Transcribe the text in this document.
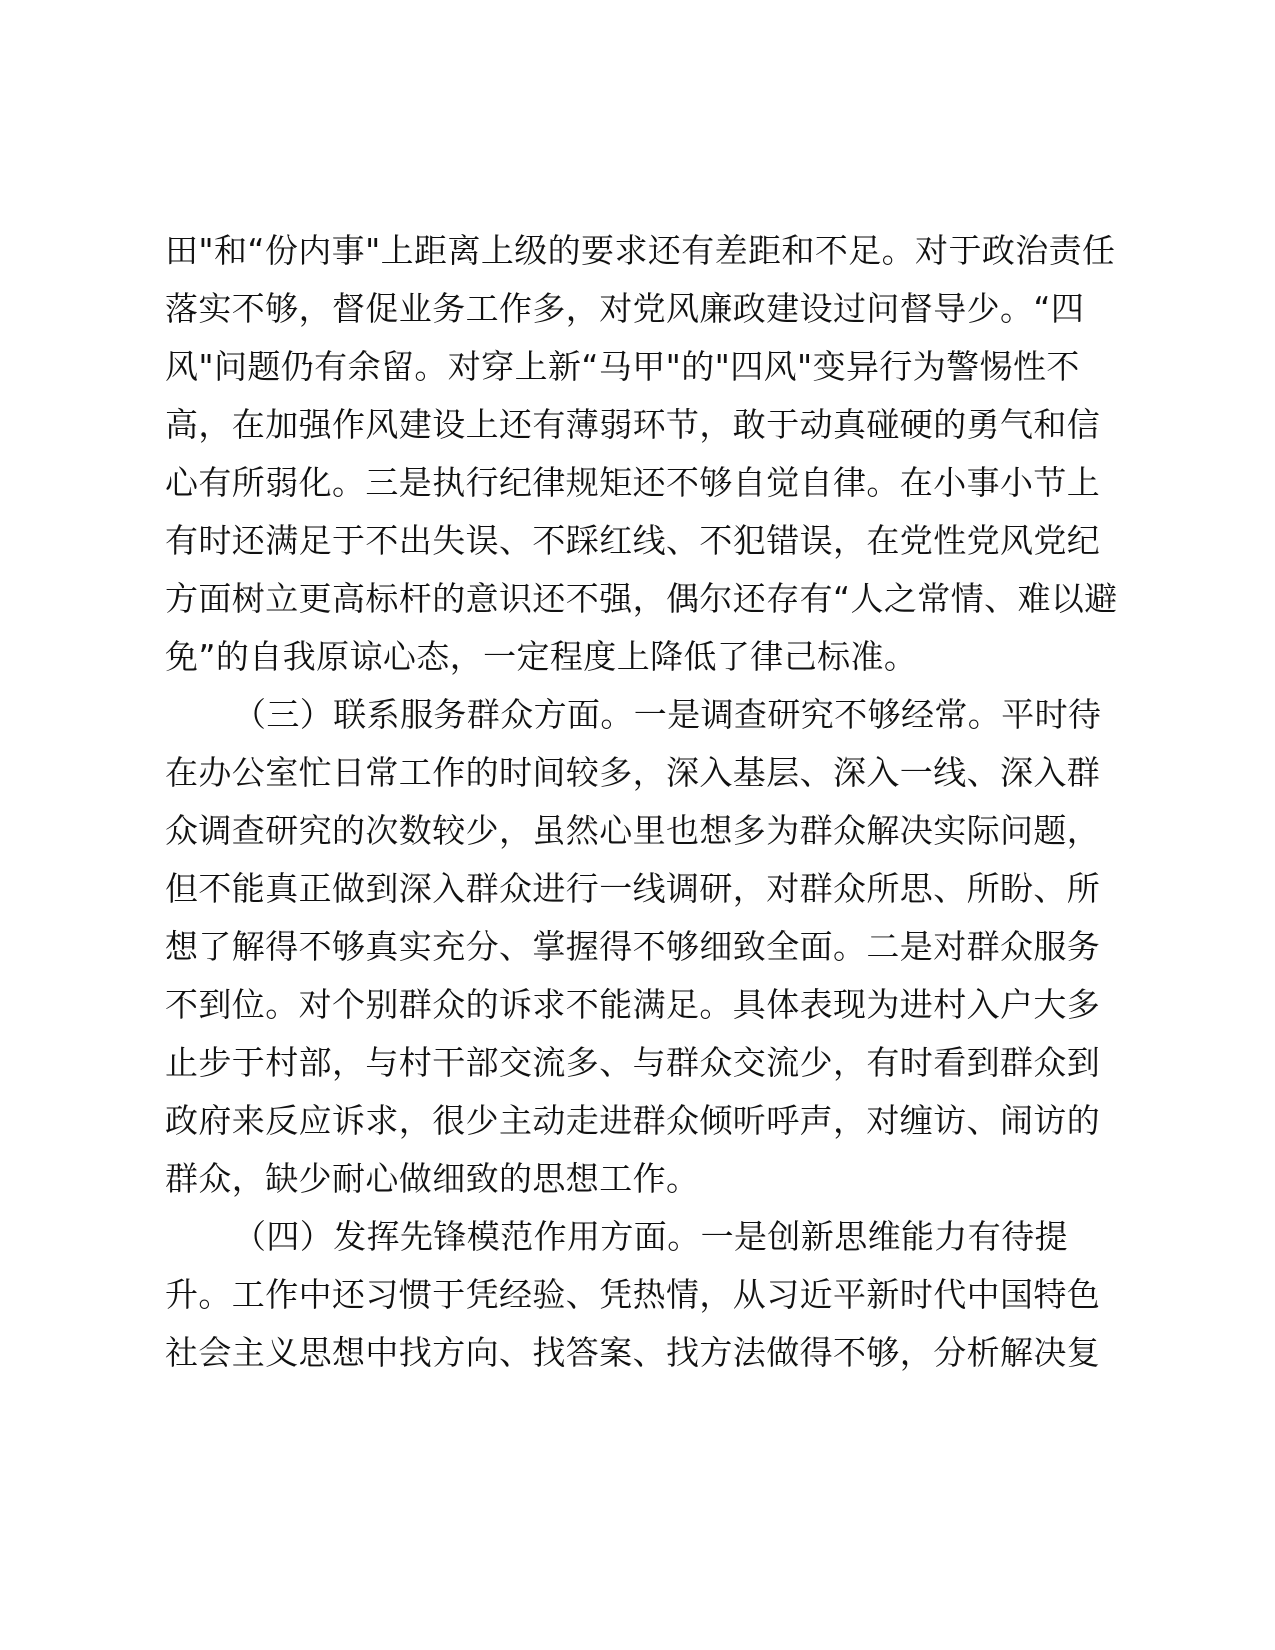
田"和“份内事"上距离上级的要求还有差距和不足。对于政治责任
落实不够，督促业务工作多，对党风廉政建设过问督导少。“四
风"问题仍有余留。对穿上新“马甲"的"四风"变异行为警惕性不
高，在加强作风建设上还有薄弱环节，敢于动真碰硬的勇气和信
心有所弱化。三是执行纪律规矩还不够自觉自律。在小事小节上
有时还满足于不出失误、不踩红线、不犯错误，在党性党风党纪
方面树立更高标杆的意识还不强，偶尔还存有“人之常情、难以避
免”的自我原谅心态，一定程度上降低了律己标准。
（三）联系服务群众方面。一是调查研究不够经常。平时待
在办公室忙日常工作的时间较多，深入基层、深入一线、深入群
众调查研究的次数较少，虽然心里也想多为群众解决实际问题，
但不能真正做到深入群众进行一线调研，对群众所思、所盼、所
想了解得不够真实充分、掌握得不够细致全面。二是对群众服务
不到位。对个别群众的诉求不能满足。具体表现为进村入户大多
止步于村部，与村干部交流多、与群众交流少，有时看到群众到
政府来反应诉求，很少主动走进群众倾听呼声，对缠访、闹访的
群众，缺少耐心做细致的思想工作。
（四）发挥先锋模范作用方面。一是创新思维能力有待提
升。工作中还习惯于凭经验、凭热情，从习近平新时代中国特色
社会主义思想中找方向、找答案、找方法做得不够，分析解决复
